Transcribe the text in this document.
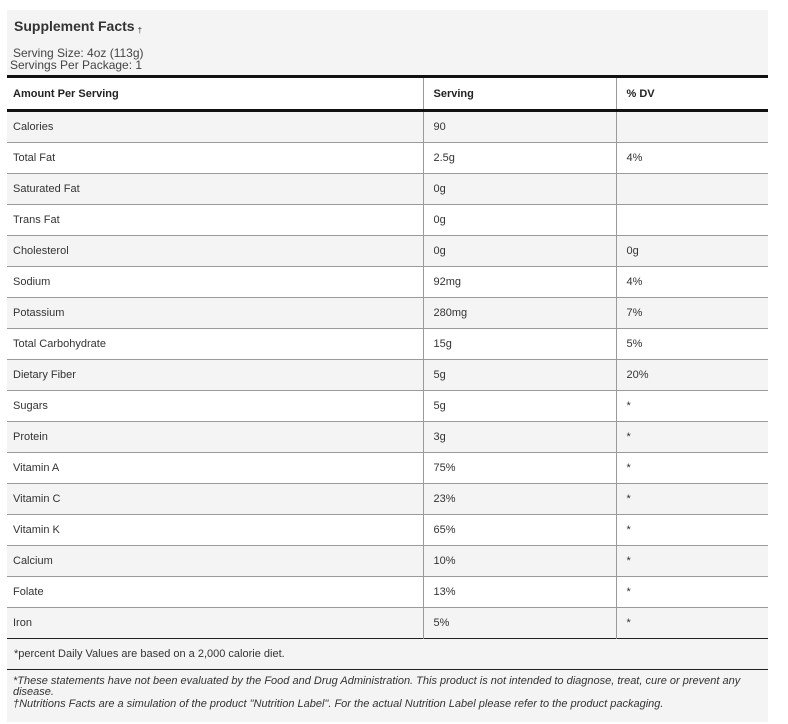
Supplement Facts †
Serving Size: 4oz (113g)
Servings Per Package: 1
Amount Per Serving	Serving	% DV
Calories	90	
Total Fat	2.5g	4%
Saturated Fat	0g	
Trans Fat	0g	
Cholesterol	0g	0g
Sodium	92mg	4%
Potassium	280mg	7%
Total Carbohydrate	15g	5%
Dietary Fiber	5g	20%
Sugars	5g	*
Protein	3g	*
Vitamin A	75%	*
Vitamin C	23%	*
Vitamin K	65%	*
Calcium	10%	*
Folate	13%	*
Iron	5%	*
*percent Daily Values are based on a 2,000 calorie diet.
*These statements have not been evaluated by the Food and Drug Administration. This product is not intended to diagnose, treat, cure or prevent any disease.
†Nutritions Facts are a simulation of the product "Nutrition Label". For the actual Nutrition Label please refer to the product packaging.
